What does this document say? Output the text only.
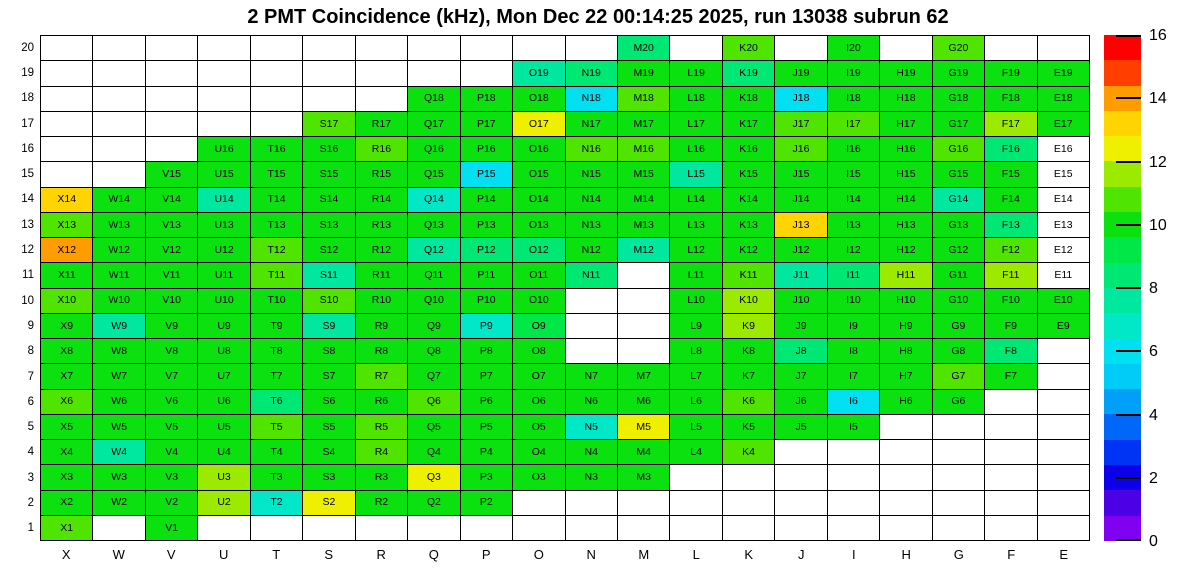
2 PMT Coincidence (kHz), Mon Dec 22 00:14:25 2025, run 13038 subrun 62
M20	K20	I20	G20
O19	N19	M19	L19	K19	J19	I19	H19	G19	F19	E19
Q18	P18	O18	N18	M18	L18	K18	J18	I18	H18	G18	F18	E18
S17	R17	Q17	P17	O17	N17	M17	L17	K17	J17	I17	H17	G17	F17	E17
U16	T16	S16	R16	Q16	P16	O16	N16	M16	L16	K16	J16	I16	H16	G16	F16	E16
V15	U15	T15	S15	R15	Q15	P15	O15	N15	M15	L15	K15	J15	I15	H15	G15	F15	E15
X14	W14	V14	U14	T14	S14	R14	Q14	P14	O14	N14	M14	L14	K14	J14	I14	H14	G14	F14	E14
X13	W13	V13	U13	T13	S13	R13	Q13	P13	O13	N13	M13	L13	K13	J13	I13	H13	G13	F13	E13
X12	W12	V12	U12	T12	S12	R12	Q12	P12	O12	N12	M12	L12	K12	J12	I12	H12	G12	F12	E12
X11	W11	V11	U11	T11	S11	R11	Q11	P11	O11	N11	L11	K11	J11	I11	H11	G11	F11	E11
X10	W10	V10	U10	T10	S10	R10	Q10	P10	O10	L10	K10	J10	I10	H10	G10	F10	E10
X9	W9	V9	U9	T9	S9	R9	Q9	P9	O9	L9	K9	J9	I9	H9	G9	F9	E9
X8	W8	V8	U8	T8	S8	R8	Q8	P8	O8	L8	K8	J8	I8	H8	G8	F8
X7	W7	V7	U7	T7	S7	R7	Q7	P7	O7	N7	M7	L7	K7	J7	I7	H7	G7	F7
X6	W6	V6	U6	T6	S6	R6	Q6	P6	O6	N6	M6	L6	K6	J6	I6	H6	G6
X5	W5	V5	U5	T5	S5	R5	Q5	P5	O5	N5	M5	L5	K5	J5	I5
X4	W4	V4	U4	T4	S4	R4	Q4	P4	O4	N4	M4	L4	K4
X3	W3	V3	U3	T3	S3	R3	Q3	P3	O3	N3	M3
X2	W2	V2	U2	T2	S2	R2	Q2	P2
X1	V1
20
19
18
17
16
15
14
13
12
11
10
9
8
7
6
5
4
3
2
1
X	W	V	U	T	S	R	Q	P	O	N	M	L	K	J	I	H	G	F	E
0
2
4
6
8
10
12
14
16
